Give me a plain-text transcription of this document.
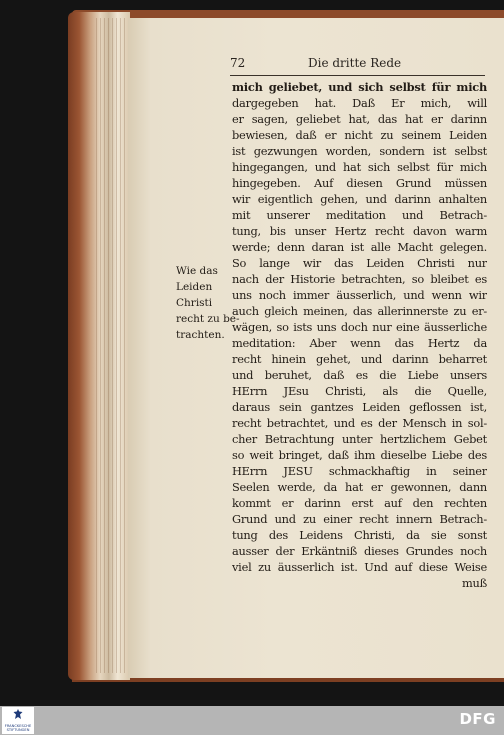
72	Die dritte Rede
mich geliebet, und sich selbst für mich
dargegeben hat. Daß Er mich, will
er sagen, geliebet hat, das hat er darinn
bewiesen, daß er nicht zu seinem Leiden
ist gezwungen worden, sondern ist selbst
hingegangen, und hat sich selbst für mich
hingegeben. Auf diesen Grund müssen
wir eigentlich gehen, und darinn anhalten
mit unserer meditation und Betrach-
tung, bis unser Hertz recht davon warm
werde; denn daran ist alle Macht gelegen.
So lange wir das Leiden Christi nur
nach der Historie betrachten, so bleibet es
uns noch immer äusserlich, und wenn wir
auch gleich meinen, das allerinnerste zu er-
wägen, so ists uns doch nur eine äusserliche
meditation: Aber wenn das Hertz da
recht hinein gehet, und darinn beharret
und beruhet, daß es die Liebe unsers
HErrn JEsu Christi, als die Quelle,
daraus sein gantzes Leiden geflossen ist,
recht betrachtet, und es der Mensch in sol-
cher Betrachtung unter hertzlichem Gebet
so weit bringet, daß ihm dieselbe Liebe des
HErrn JESU schmackhaftig in seiner
Seelen werde, da hat er gewonnen, dann
kommt er darinn erst auf den rechten
Grund und zu einer recht innern Betrach-
tung des Leidens Christi, da sie sonst
ausser der Erkäntniß dieses Grundes noch
viel zu äusserlich ist. Und auf diese Weise
muß
Wie das
Leiden
Christi
recht zu be-
trachten.
FRANCKESCHE
STIFTUNGEN
DFG
